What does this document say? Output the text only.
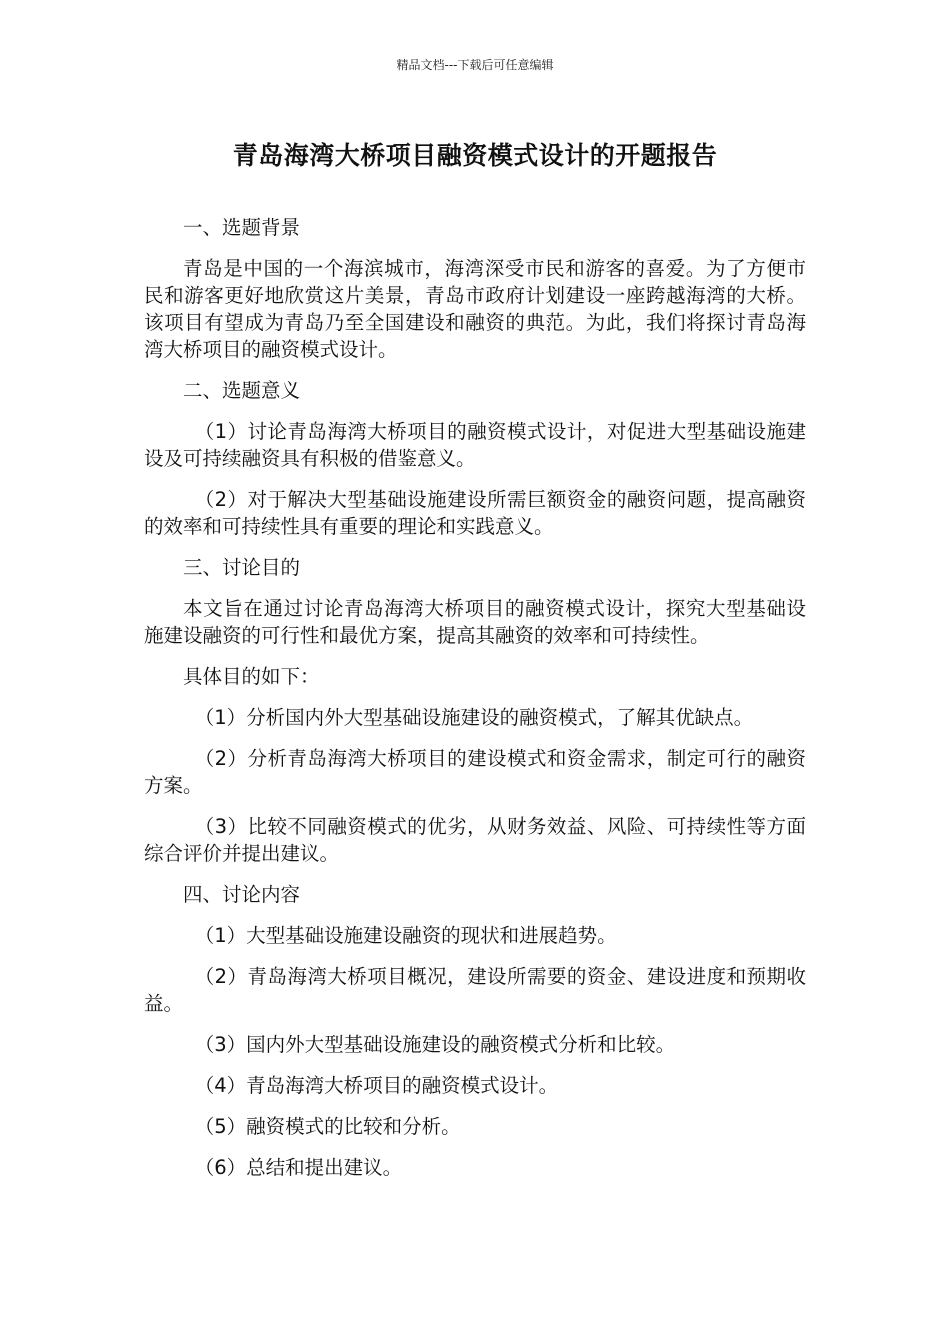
精品文档---下载后可任意编辑
青岛海湾大桥项目融资模式设计的开题报告

一、选题背景

青岛是中国的一个海滨城市，海湾深受市民和游客的喜爱。为了方便市民和游客更好地欣赏这片美景，青岛市政府计划建设一座跨越海湾的大桥。该项目有望成为青岛乃至全国建设和融资的典范。为此，我们将探讨青岛海湾大桥项目的融资模式设计。

二、选题意义

（1）讨论青岛海湾大桥项目的融资模式设计，对促进大型基础设施建设及可持续融资具有积极的借鉴意义。

（2）对于解决大型基础设施建设所需巨额资金的融资问题，提高融资的效率和可持续性具有重要的理论和实践意义。

三、讨论目的

本文旨在通过讨论青岛海湾大桥项目的融资模式设计，探究大型基础设施建设融资的可行性和最优方案，提高其融资的效率和可持续性。

具体目的如下：

（1）分析国内外大型基础设施建设的融资模式，了解其优缺点。

（2）分析青岛海湾大桥项目的建设模式和资金需求，制定可行的融资方案。

（3）比较不同融资模式的优劣，从财务效益、风险、可持续性等方面综合评价并提出建议。

四、讨论内容

（1）大型基础设施建设融资的现状和进展趋势。

（2）青岛海湾大桥项目概况，建设所需要的资金、建设进度和预期收益。

（3）国内外大型基础设施建设的融资模式分析和比较。

（4）青岛海湾大桥项目的融资模式设计。

（5）融资模式的比较和分析。

（6）总结和提出建议。
